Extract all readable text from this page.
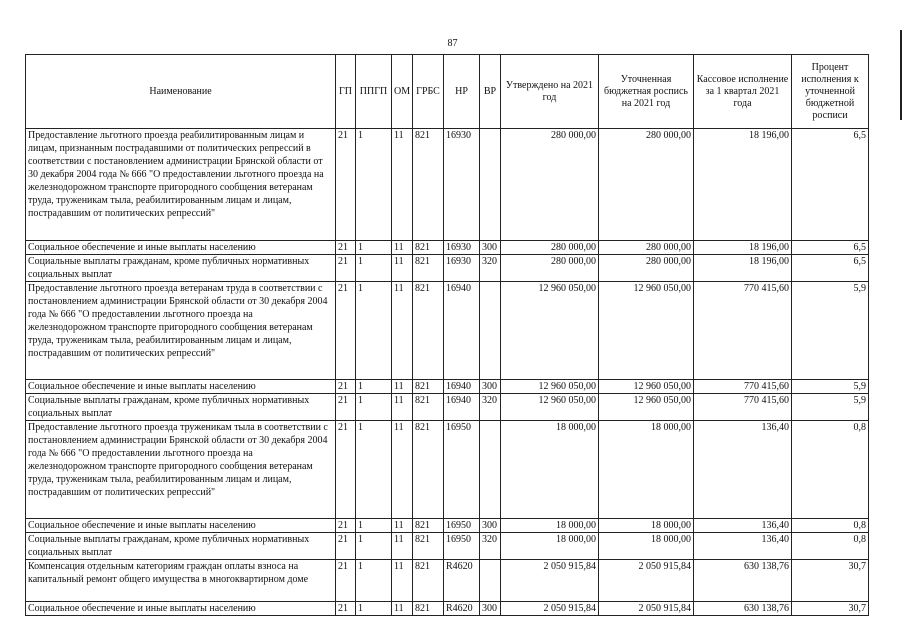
87
Наименование	ГП	ППГП	ОМ	ГРБС	НР	ВР	Утверждено на 2021 год	Уточненная бюджетная роспись на 2021 год	Кассовое исполнение за 1 квартал 2021 года	Процент исполнения к уточненной бюджетной росписи
Предоставление льготного проезда реабилитированным лицам и лицам, признанным пострадавшими от политических репрессий в соответствии с постановлением администрации Брянской области от 30 декабря 2004 года № 666 "О предоставлении льготного проезда на железнодорожном транспорте пригородного сообщения ветеранам труда, труженикам тыла, реабилитированным лицам и лицам, пострадавшим от политических репрессий"	21	1	11	821	16930		280 000,00	280 000,00	18 196,00	6,5
Социальное обеспечение и иные выплаты населению	21	1	11	821	16930	300	280 000,00	280 000,00	18 196,00	6,5
Социальные выплаты гражданам, кроме публичных нормативных социальных выплат	21	1	11	821	16930	320	280 000,00	280 000,00	18 196,00	6,5
Предоставление льготного проезда ветеранам труда в соответствии с постановлением администрации Брянской области от 30 декабря 2004 года № 666 "О предоставлении льготного проезда на железнодорожном транспорте пригородного сообщения ветеранам труда, труженикам тыла, реабилитированным лицам и лицам, пострадавшим от политических репрессий"	21	1	11	821	16940		12 960 050,00	12 960 050,00	770 415,60	5,9
Социальное обеспечение и иные выплаты населению	21	1	11	821	16940	300	12 960 050,00	12 960 050,00	770 415,60	5,9
Социальные выплаты гражданам, кроме публичных нормативных социальных выплат	21	1	11	821	16940	320	12 960 050,00	12 960 050,00	770 415,60	5,9
Предоставление льготного проезда труженикам тыла в соответствии с постановлением администрации Брянской области от 30 декабря 2004 года № 666 "О предоставлении льготного проезда на железнодорожном транспорте пригородного сообщения ветеранам труда, труженикам тыла, реабилитированным лицам и лицам, пострадавшим от политических репрессий"	21	1	11	821	16950		18 000,00	18 000,00	136,40	0,8
Социальное обеспечение и иные выплаты населению	21	1	11	821	16950	300	18 000,00	18 000,00	136,40	0,8
Социальные выплаты гражданам, кроме публичных нормативных социальных выплат	21	1	11	821	16950	320	18 000,00	18 000,00	136,40	0,8
Компенсация отдельным категориям граждан оплаты взноса на капитальный ремонт общего имущества в многоквартирном доме	21	1	11	821	R4620		2 050 915,84	2 050 915,84	630 138,76	30,7
Социальное обеспечение и иные выплаты населению	21	1	11	821	R4620	300	2 050 915,84	2 050 915,84	630 138,76	30,7
